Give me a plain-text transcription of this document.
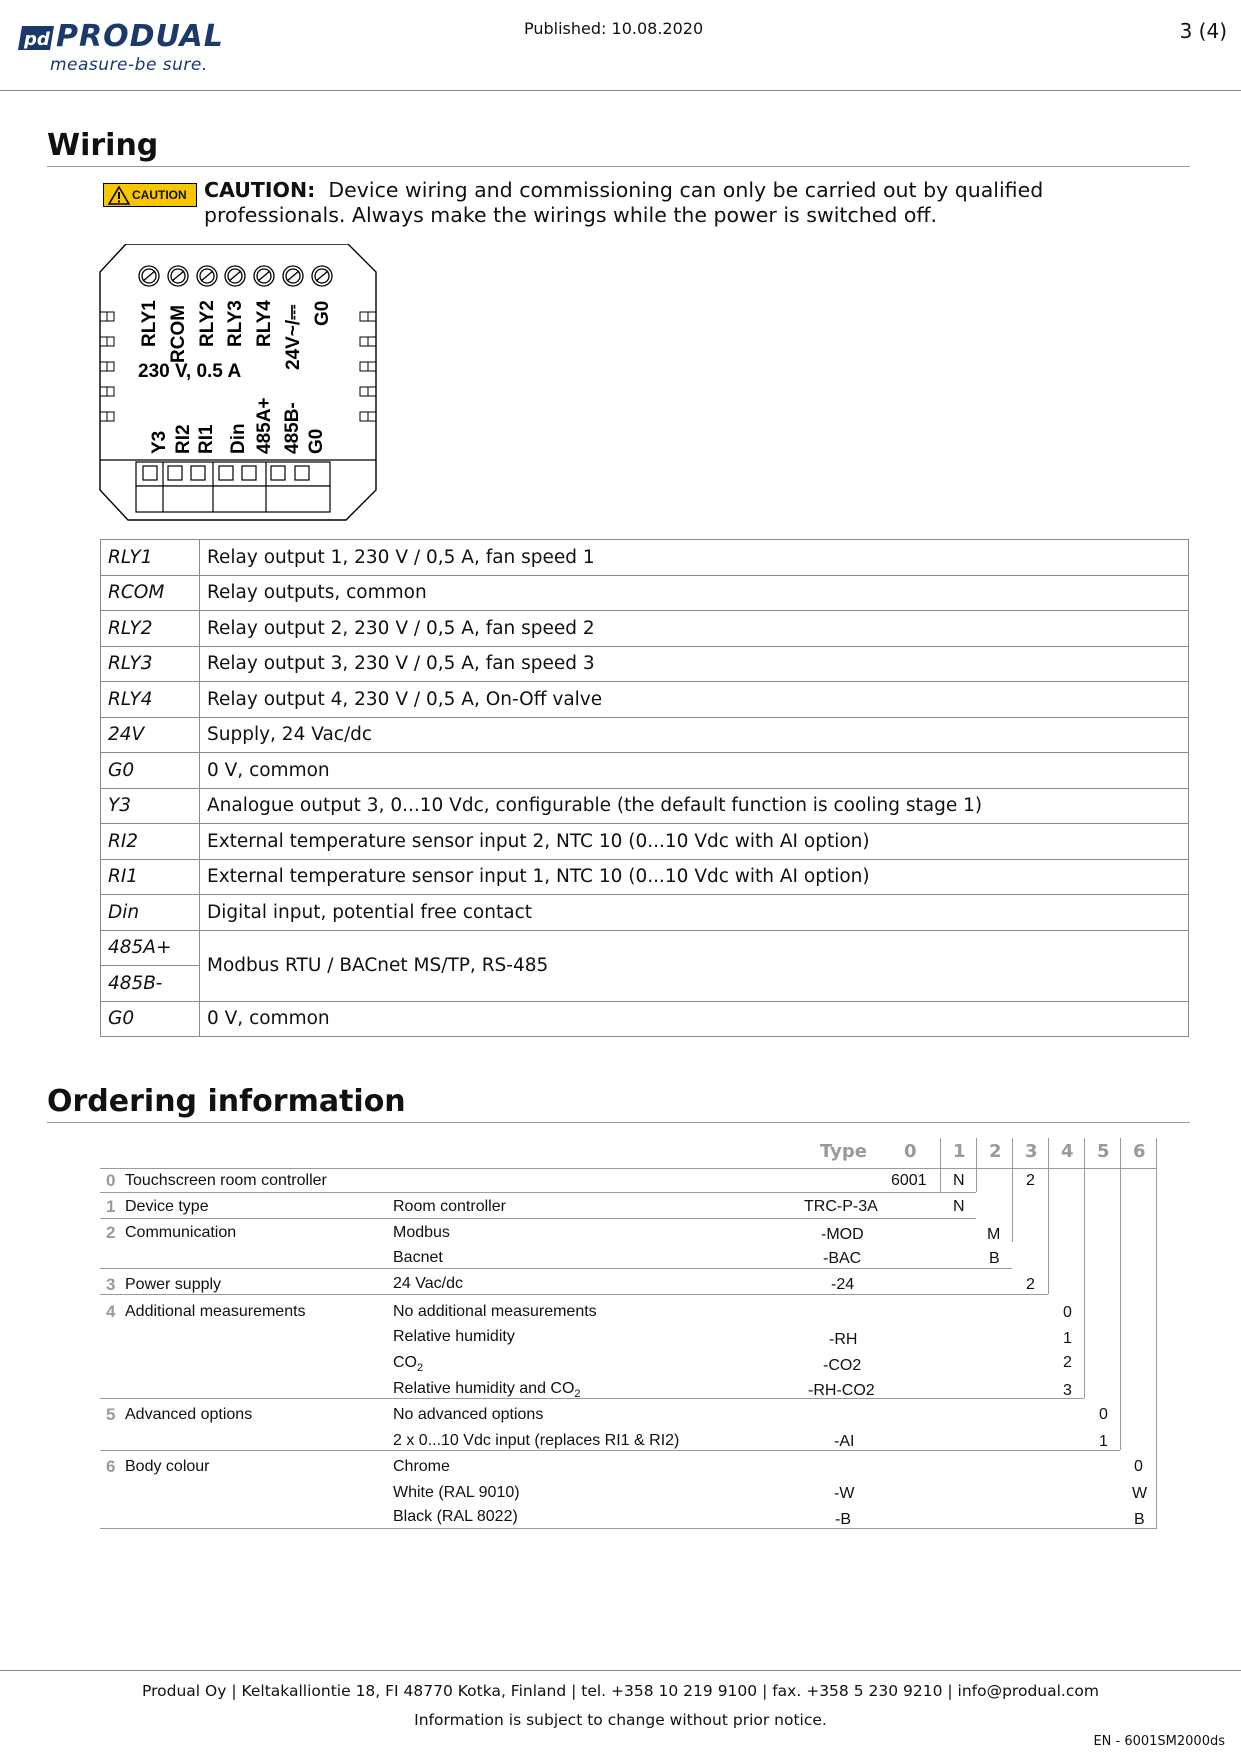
pd PRODUAL
measure-be sure.
Published: 10.08.2020	3 (4)
Wiring
CAUTION CAUTION: Device wiring and commissioning can only be carried out by qualified professionals. Always make the wirings while the power is switched off.
RLY1 RCOM RLY2 RLY3 RLY4 24V~/⎓ G0
230 V, 0.5 A
Y3 RI2 RI1 Din 485A+ 485B- G0
RLY1	Relay output 1, 230 V / 0,5 A, fan speed 1
RCOM	Relay outputs, common
RLY2	Relay output 2, 230 V / 0,5 A, fan speed 2
RLY3	Relay output 3, 230 V / 0,5 A, fan speed 3
RLY4	Relay output 4, 230 V / 0,5 A, On-Off valve
24V	Supply, 24 Vac/dc
G0	0 V, common
Y3	Analogue output 3, 0...10 Vdc, configurable (the default function is cooling stage 1)
RI2	External temperature sensor input 2, NTC 10 (0...10 Vdc with AI option)
RI1	External temperature sensor input 1, NTC 10 (0...10 Vdc with AI option)
Din	Digital input, potential free contact
485A+	Modbus RTU / BACnet MS/TP, RS-485
485B-	
G0	0 V, common
Ordering information
Type 0 1 2 3 4 5 6
0 Touchscreen room controller	6001 N	2
1 Device type	Room controller	TRC-P-3A	N
2 Communication	Modbus	-MOD	M
Bacnet	-BAC	B
3 Power supply	24 Vac/dc	-24	2
4 Additional measurements	No additional measurements	0
Relative humidity	-RH	1
$CO_2$	-CO2	2
Relative humidity and $CO_2$	-RH-CO2	3
5 Advanced options	No advanced options	0
2 x 0...10 Vdc input (replaces RI1 & RI2)	-AI	1
6 Body colour	Chrome	0
White (RAL 9010)	-W	W
Black (RAL 8022)	-B	B
Produal Oy | Keltakalliontie 18, FI 48770 Kotka, Finland | tel. +358 10 219 9100 | fax. +358 5 230 9210 | info@produal.com
Information is subject to change without prior notice.
EN - 6001SM2000ds
